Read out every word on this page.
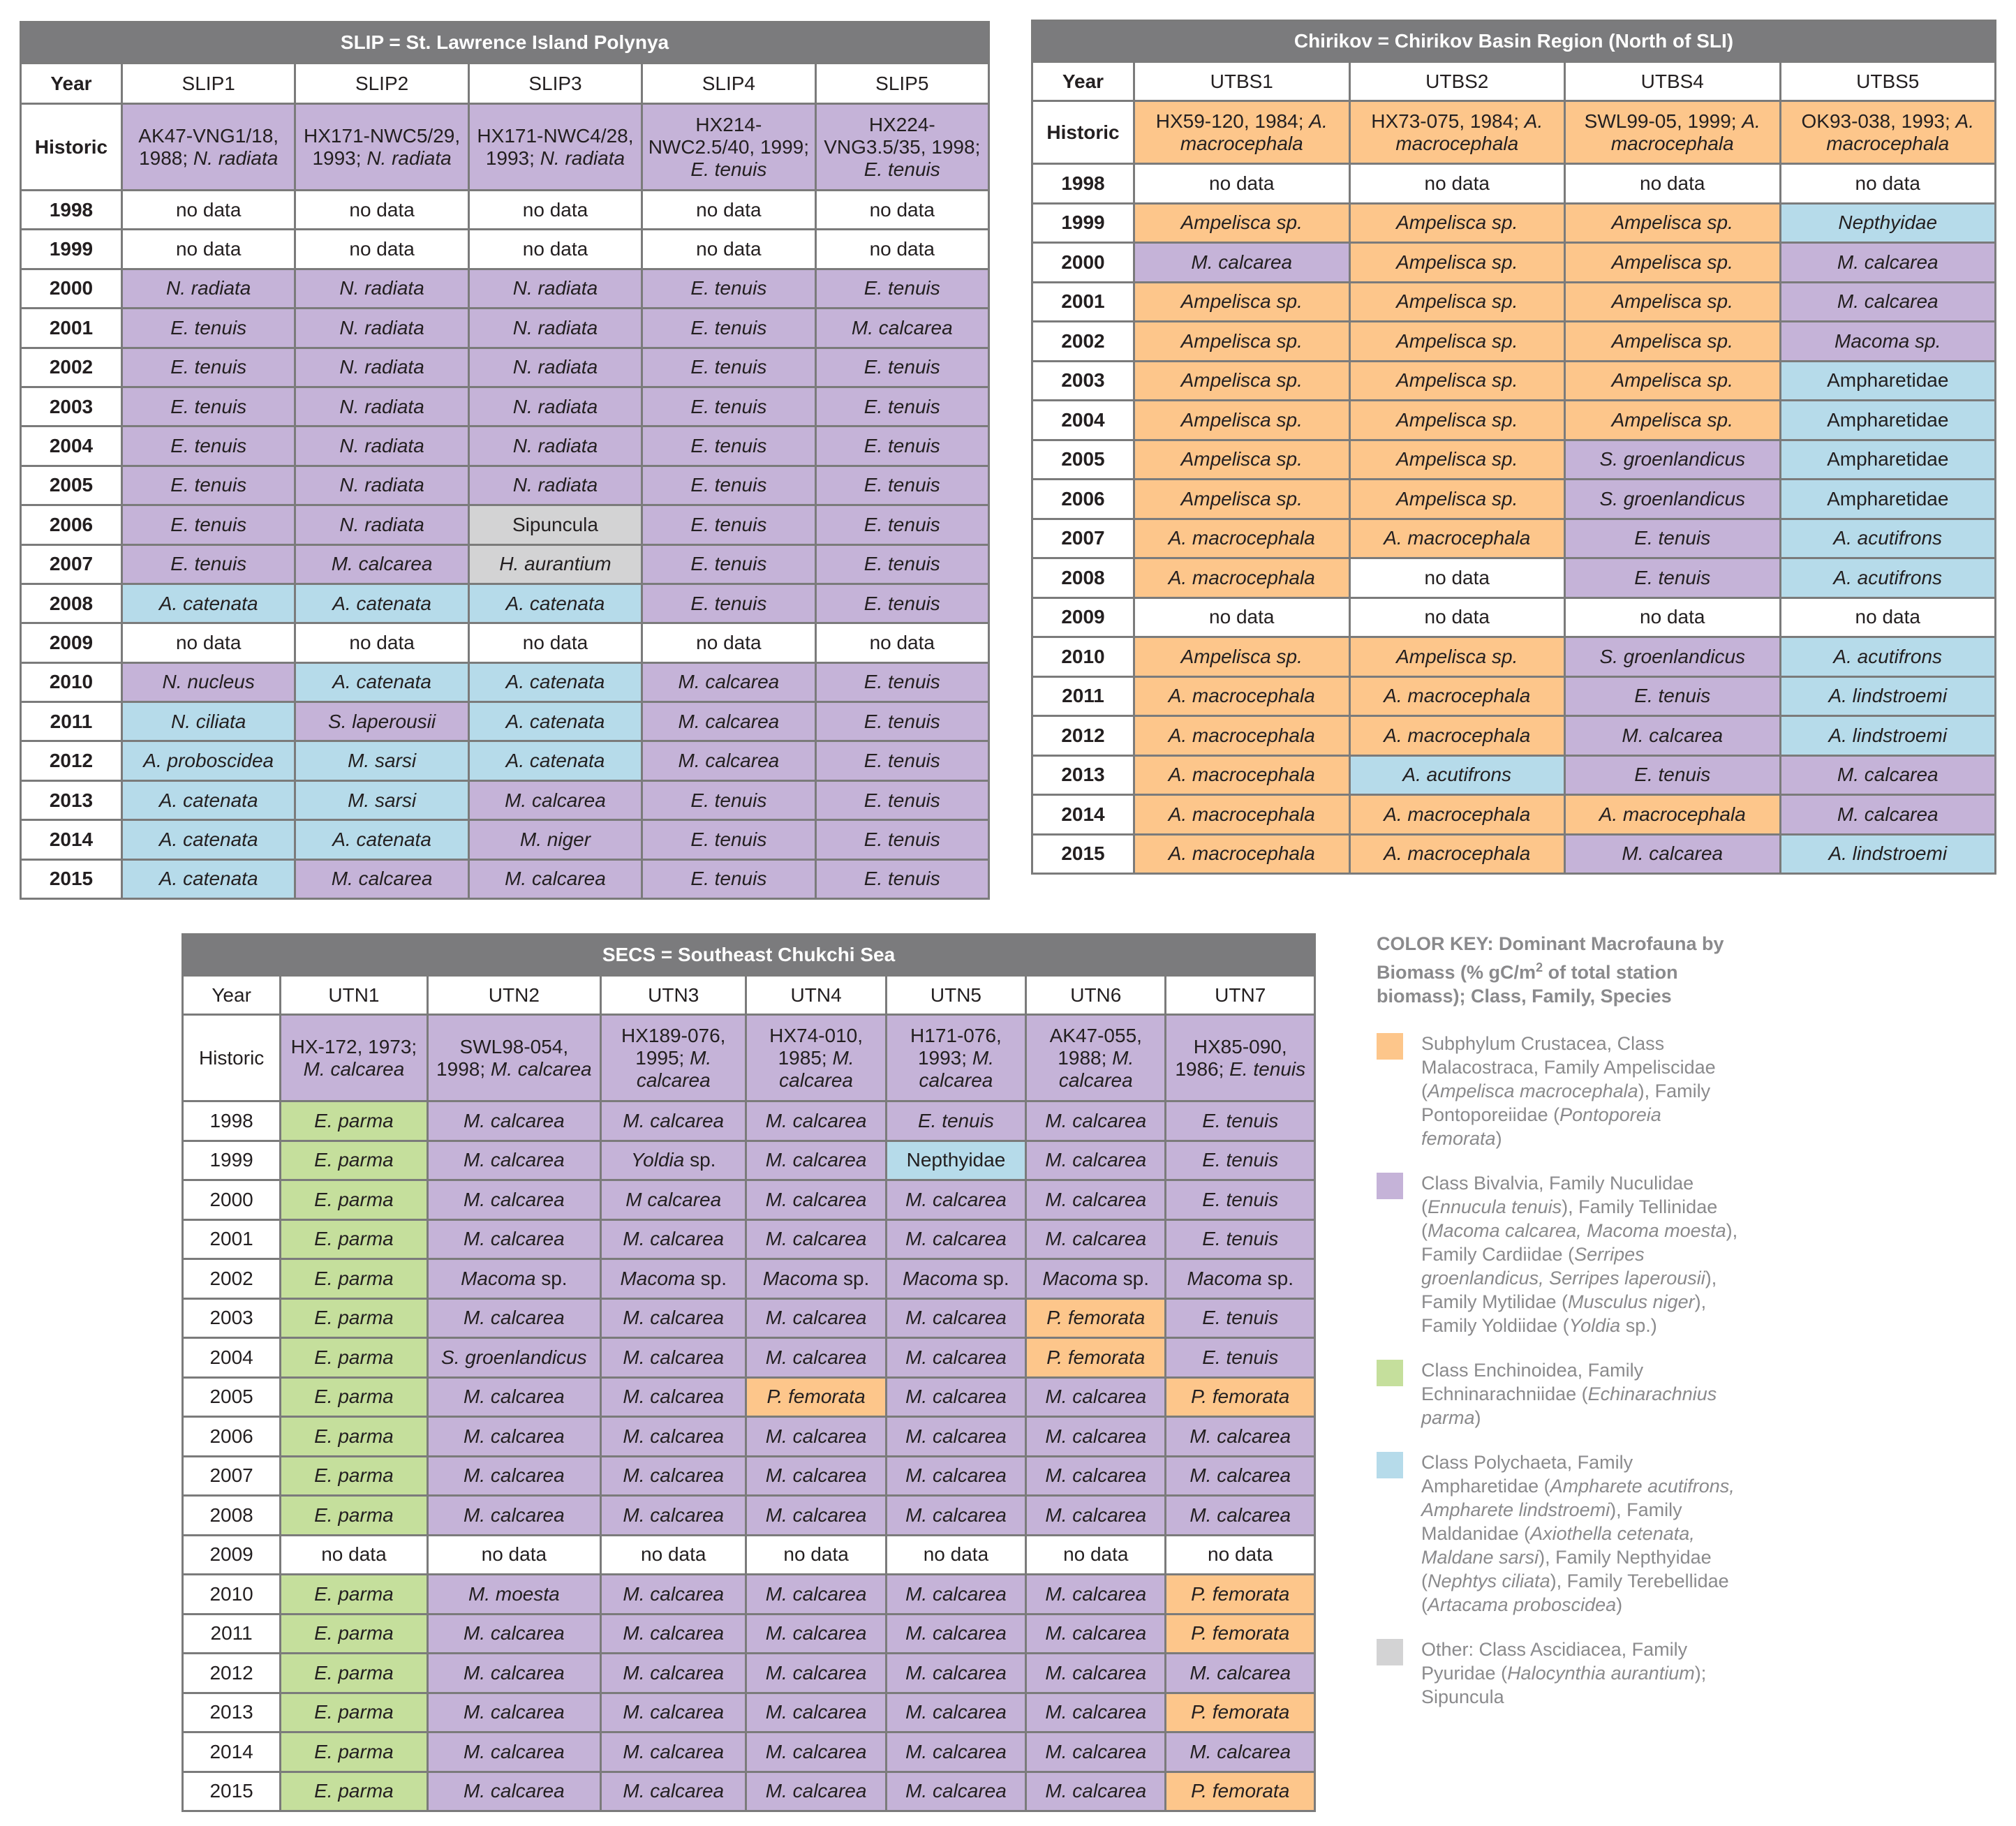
SLIP = St. Lawrence Island Polynya					
Year	SLIP1	SLIP2	SLIP3	SLIP4	SLIP5
Historic	AK47-VNG1/18, 1988; N. radiata	HX171-NWC5/29, 1993; N. radiata	HX171-NWC4/28, 1993; N. radiata	HX214-NWC2.5/40, 1999; E. tenuis	HX224-VNG3.5/35, 1998; E. tenuis
1998	no data	no data	no data	no data	no data
1999	no data	no data	no data	no data	no data
2000	N. radiata	N. radiata	N. radiata	E. tenuis	E. tenuis
2001	E. tenuis	N. radiata	N. radiata	E. tenuis	M. calcarea
2002	E. tenuis	N. radiata	N. radiata	E. tenuis	E. tenuis
2003	E. tenuis	N. radiata	N. radiata	E. tenuis	E. tenuis
2004	E. tenuis	N. radiata	N. radiata	E. tenuis	E. tenuis
2005	E. tenuis	N. radiata	N. radiata	E. tenuis	E. tenuis
2006	E. tenuis	N. radiata	Sipuncula	E. tenuis	E. tenuis
2007	E. tenuis	M. calcarea	H. aurantium	E. tenuis	E. tenuis
2008	A. catenata	A. catenata	A. catenata	E. tenuis	E. tenuis
2009	no data	no data	no data	no data	no data
2010	N. nucleus	A. catenata	A. catenata	M. calcarea	E. tenuis
2011	N. ciliata	S. laperousii	A. catenata	M. calcarea	E. tenuis
2012	A. proboscidea	M. sarsi	A. catenata	M. calcarea	E. tenuis
2013	A. catenata	M. sarsi	M. calcarea	E. tenuis	E. tenuis
2014	A. catenata	A. catenata	M. niger	E. tenuis	E. tenuis
2015	A. catenata	M. calcarea	M. calcarea	E. tenuis	E. tenuis
Chirikov = Chirikov Basin Region (North of SLI)				
Year	UTBS1	UTBS2	UTBS4	UTBS5
Historic	HX59-120, 1984; A. macrocephala	HX73-075, 1984; A. macrocephala	SWL99-05, 1999; A. macrocephala	OK93-038, 1993; A. macrocephala
1998	no data	no data	no data	no data
1999	Ampelisca sp.	Ampelisca sp.	Ampelisca sp.	Nepthyidae
2000	M. calcarea	Ampelisca sp.	Ampelisca sp.	M. calcarea
2001	Ampelisca sp.	Ampelisca sp.	Ampelisca sp.	M. calcarea
2002	Ampelisca sp.	Ampelisca sp.	Ampelisca sp.	Macoma sp.
2003	Ampelisca sp.	Ampelisca sp.	Ampelisca sp.	Ampharetidae
2004	Ampelisca sp.	Ampelisca sp.	Ampelisca sp.	Ampharetidae
2005	Ampelisca sp.	Ampelisca sp.	S. groenlandicus	Ampharetidae
2006	Ampelisca sp.	Ampelisca sp.	S. groenlandicus	Ampharetidae
2007	A. macrocephala	A. macrocephala	E. tenuis	A. acutifrons
2008	A. macrocephala	no data	E. tenuis	A. acutifrons
2009	no data	no data	no data	no data
2010	Ampelisca sp.	Ampelisca sp.	S. groenlandicus	A. acutifrons
2011	A. macrocephala	A. macrocephala	E. tenuis	A. lindstroemi
2012	A. macrocephala	A. macrocephala	M. calcarea	A. lindstroemi
2013	A. macrocephala	A. acutifrons	E. tenuis	M. calcarea
2014	A. macrocephala	A. macrocephala	A. macrocephala	M. calcarea
2015	A. macrocephala	A. macrocephala	M. calcarea	A. lindstroemi
SECS = Southeast Chukchi Sea							
Year	UTN1	UTN2	UTN3	UTN4	UTN5	UTN6	UTN7
Historic	HX-172, 1973; M. calcarea	SWL98-054, 1998; M. calcarea	HX189-076, 1995; M. calcarea	HX74-010, 1985; M. calcarea	H171-076, 1993; M. calcarea	AK47-055, 1988; M. calcarea	HX85-090, 1986; E. tenuis
1998	E. parma	M. calcarea	M. calcarea	M. calcarea	E. tenuis	M. calcarea	E. tenuis
1999	E. parma	M. calcarea	Yoldia sp.	M. calcarea	Nepthyidae	M. calcarea	E. tenuis
2000	E. parma	M. calcarea	M calcarea	M. calcarea	M. calcarea	M. calcarea	E. tenuis
2001	E. parma	M. calcarea	M. calcarea	M. calcarea	M. calcarea	M. calcarea	E. tenuis
2002	E. parma	Macoma sp.	Macoma sp.	Macoma sp.	Macoma sp.	Macoma sp.	Macoma sp.
2003	E. parma	M. calcarea	M. calcarea	M. calcarea	M. calcarea	P. femorata	E. tenuis
2004	E. parma	S. groenlandicus	M. calcarea	M. calcarea	M. calcarea	P. femorata	E. tenuis
2005	E. parma	M. calcarea	M. calcarea	P. femorata	M. calcarea	M. calcarea	P. femorata
2006	E. parma	M. calcarea	M. calcarea	M. calcarea	M. calcarea	M. calcarea	M. calcarea
2007	E. parma	M. calcarea	M. calcarea	M. calcarea	M. calcarea	M. calcarea	M. calcarea
2008	E. parma	M. calcarea	M. calcarea	M. calcarea	M. calcarea	M. calcarea	M. calcarea
2009	no data	no data	no data	no data	no data	no data	no data
2010	E. parma	M. moesta	M. calcarea	M. calcarea	M. calcarea	M. calcarea	P. femorata
2011	E. parma	M. calcarea	M. calcarea	M. calcarea	M. calcarea	M. calcarea	P. femorata
2012	E. parma	M. calcarea	M. calcarea	M. calcarea	M. calcarea	M. calcarea	M. calcarea
2013	E. parma	M. calcarea	M. calcarea	M. calcarea	M. calcarea	M. calcarea	P. femorata
2014	E. parma	M. calcarea	M. calcarea	M. calcarea	M. calcarea	M. calcarea	M. calcarea
2015	E. parma	M. calcarea	M. calcarea	M. calcarea	M. calcarea	M. calcarea	P. femorata
COLOR KEY: Dominant Macrofauna by Biomass (% $gC/m^2$ of total station biomass); Class, Family, Species
Subphylum Crustacea, Class Malacostraca, Family Ampeliscidae (Ampelisca macrocephala), Family Pontoporeiidae (Pontoporeia femorata)
Class Bivalvia, Family Nuculidae (Ennucula tenuis), Family Tellinidae (Macoma calcarea, Macoma moesta), Family Cardiidae (Serripes groenlandicus, Serripes laperousii), Family Mytilidae (Musculus niger), Family Yoldiidae (Yoldia sp.)
Class Enchinoidea, Family Echninarachniidae (Echinarachnius parma)
Class Polychaeta, Family Ampharetidae (Ampharete acutifrons, Ampharete lindstroemi), Family Maldanidae (Axiothella cetenata, Maldane sarsi), Family Nepthyidae (Nephtys ciliata), Family Terebellidae (Artacama proboscidea)
Other: Class Ascidiacea, Family Pyuridae (Halocynthia aurantium); Sipuncula
